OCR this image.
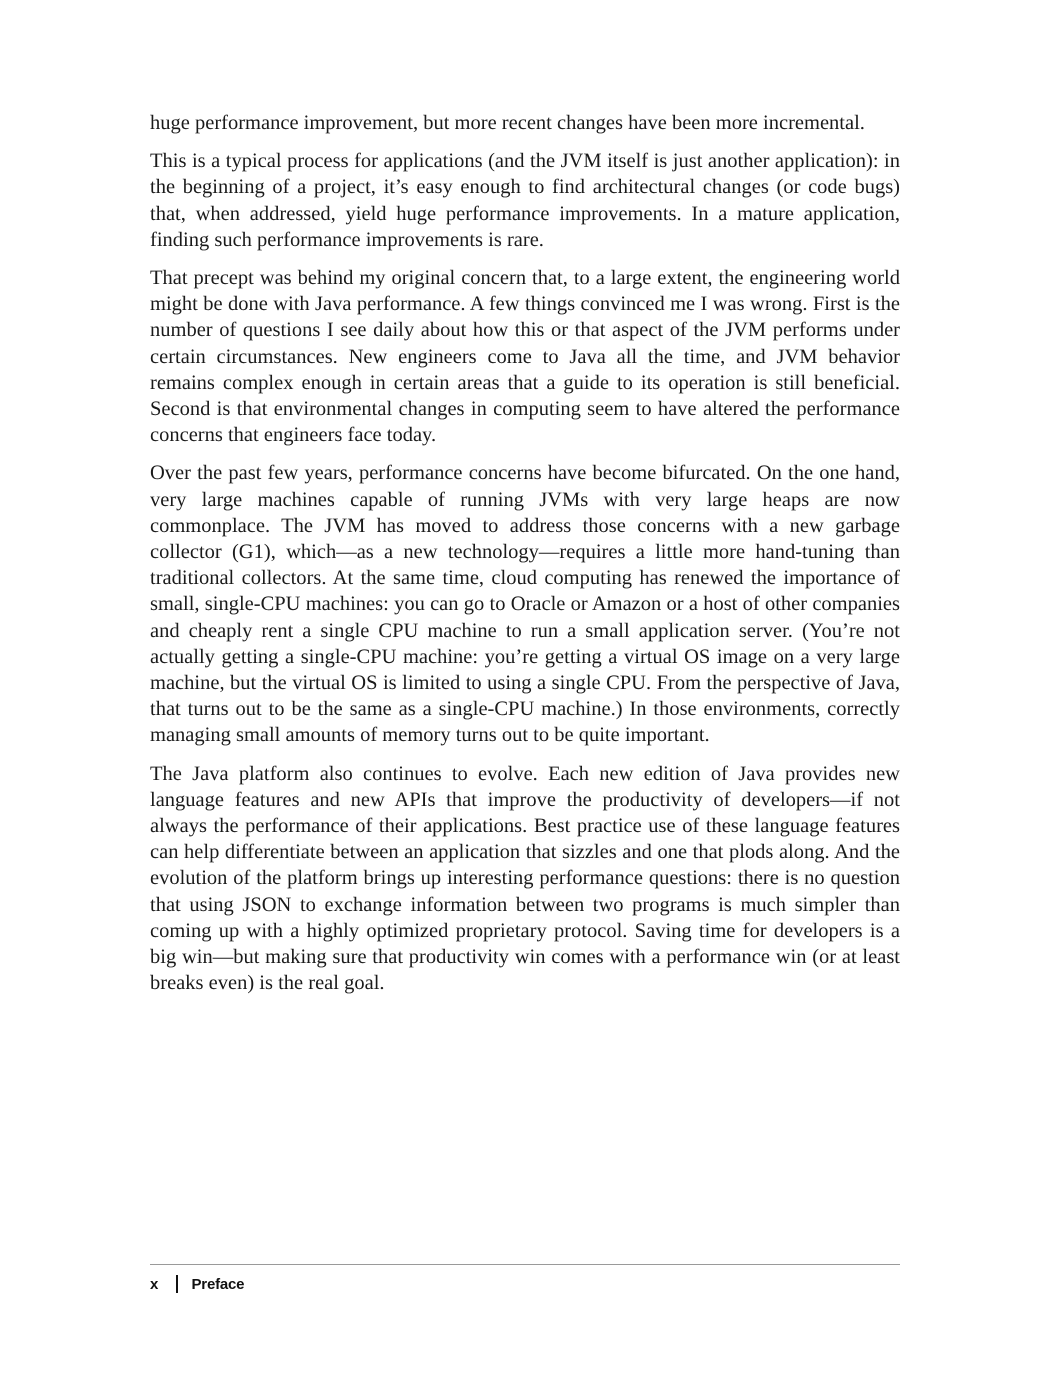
huge performance improvement, but more recent changes have been more incremental.

This is a typical process for applications (and the JVM itself is just another application): in the beginning of a project, it’s easy enough to find architectural changes (or code bugs) that, when addressed, yield huge performance improvements. In a mature application, finding such performance improvements is rare.

That precept was behind my original concern that, to a large extent, the engineering world might be done with Java performance. A few things convinced me I was wrong. First is the number of questions I see daily about how this or that aspect of the JVM performs under certain circumstances. New engineers come to Java all the time, and JVM behavior remains complex enough in certain areas that a guide to its operation is still beneficial. Second is that environmental changes in computing seem to have altered the performance concerns that engineers face today.

Over the past few years, performance concerns have become bifurcated. On the one hand, very large machines capable of running JVMs with very large heaps are now commonplace. The JVM has moved to address those concerns with a new garbage collector (G1), which—as a new technology—requires a little more hand-tuning than traditional collectors. At the same time, cloud computing has renewed the importance of small, single-CPU machines: you can go to Oracle or Amazon or a host of other companies and cheaply rent a single CPU machine to run a small application server. (You’re not actually getting a single-CPU machine: you’re getting a virtual OS image on a very large machine, but the virtual OS is limited to using a single CPU. From the perspective of Java, that turns out to be the same as a single-CPU machine.) In those environments, correctly managing small amounts of memory turns out to be quite important.

The Java platform also continues to evolve. Each new edition of Java provides new language features and new APIs that improve the productivity of developers—if not always the performance of their applications. Best practice use of these language features can help differentiate between an application that sizzles and one that plods along. And the evolution of the platform brings up interesting performance questions: there is no question that using JSON to exchange information between two programs is much simpler than coming up with a highly optimized proprietary protocol. Saving time for developers is a big win—but making sure that productivity win comes with a performance win (or at least breaks even) is the real goal.

x	Preface
